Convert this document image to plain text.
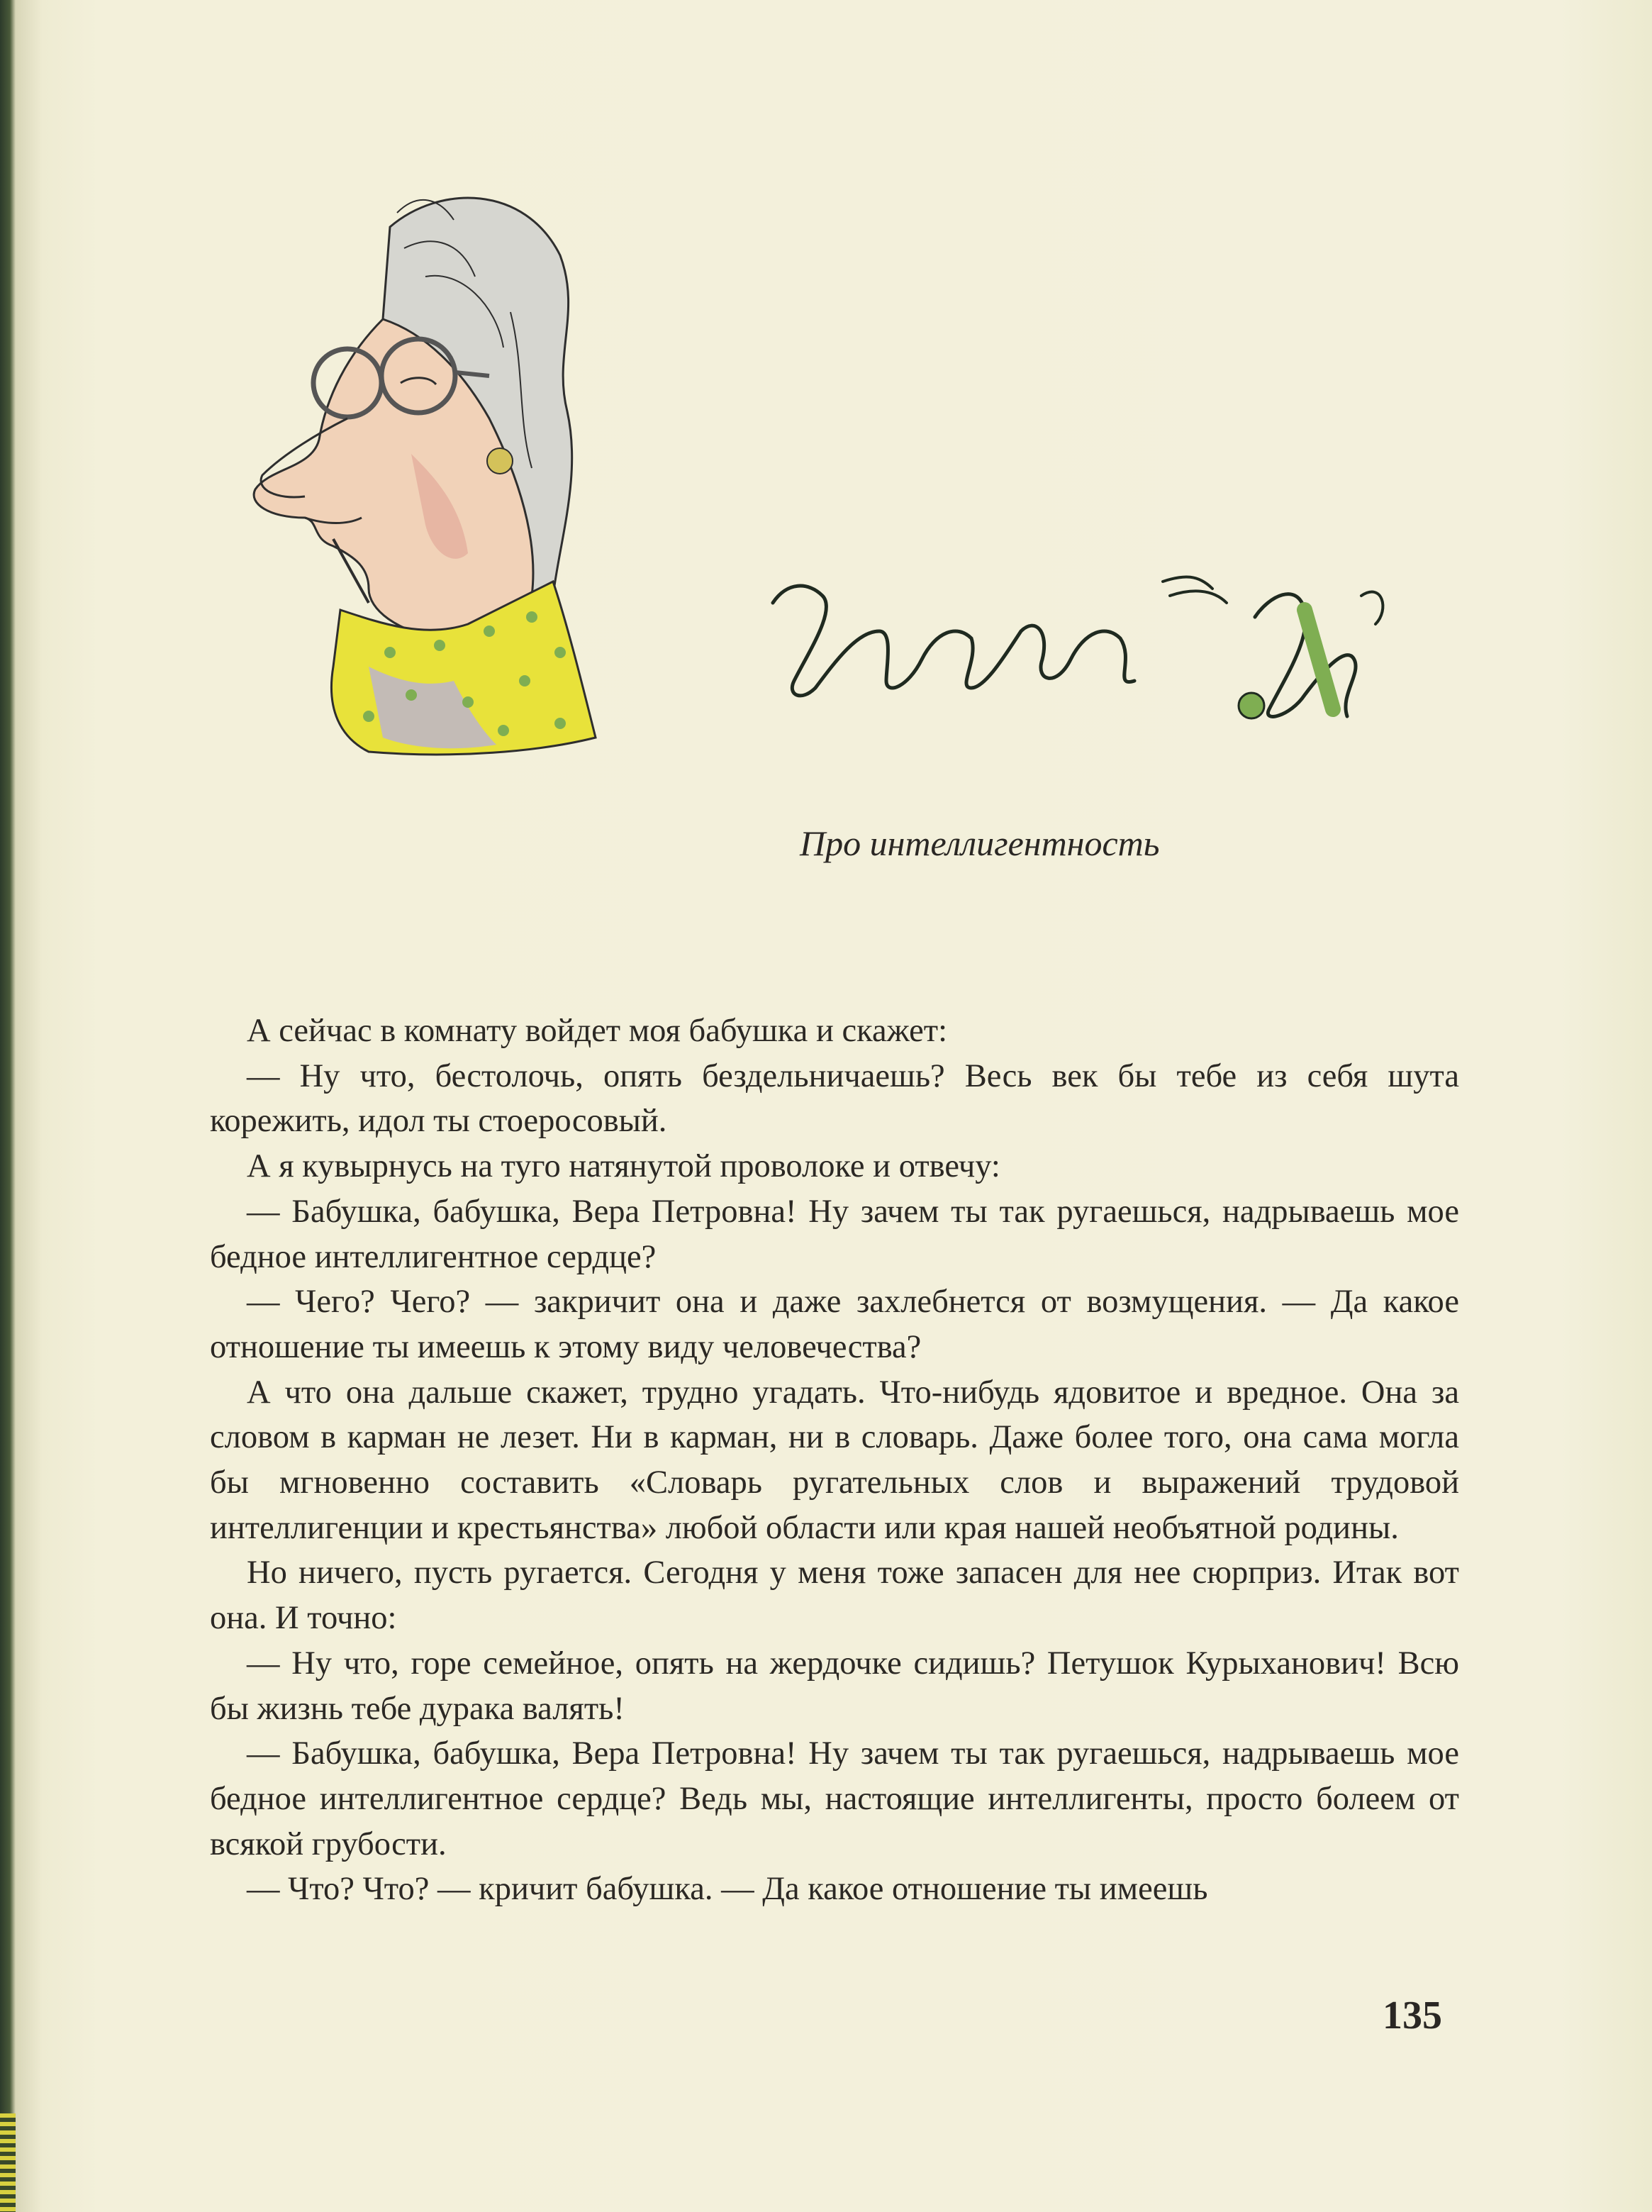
Про интеллигентность

А сейчас в комнату войдет моя бабушка и скажет:

— Ну что, бестолочь, опять бездельничаешь? Весь век бы тебе из себя шута корежить, идол ты стоеросовый.

А я кувырнусь на туго натянутой проволоке и отвечу:

— Бабушка, бабушка, Вера Петровна! Ну зачем ты так ругаешься, надрываешь мое бедное интеллигентное сердце?

— Чего? Чего? — закричит она и даже захлебнется от возмущения. — Да какое отношение ты имеешь к этому виду человечества?

А что она дальше скажет, трудно угадать. Что-нибудь ядовитое и вредное. Она за словом в карман не лезет. Ни в карман, ни в словарь. Даже более того, она сама могла бы мгновенно составить «Словарь ругательных слов и выражений трудовой интеллигенции и крестьянства» любой области или края нашей необъятной родины.

Но ничего, пусть ругается. Сегодня у меня тоже запасен для нее сюрприз. Итак вот она. И точно:

— Ну что, горе семейное, опять на жердочке сидишь? Петушок Курыханович! Всю бы жизнь тебе дурака валять!

— Бабушка, бабушка, Вера Петровна! Ну зачем ты так ругаешься, надрываешь мое бедное интеллигентное сердце? Ведь мы, настоящие интеллигенты, просто болеем от всякой грубости.

— Что? Что? — кричит бабушка. — Да какое отношение ты имеешь

135
